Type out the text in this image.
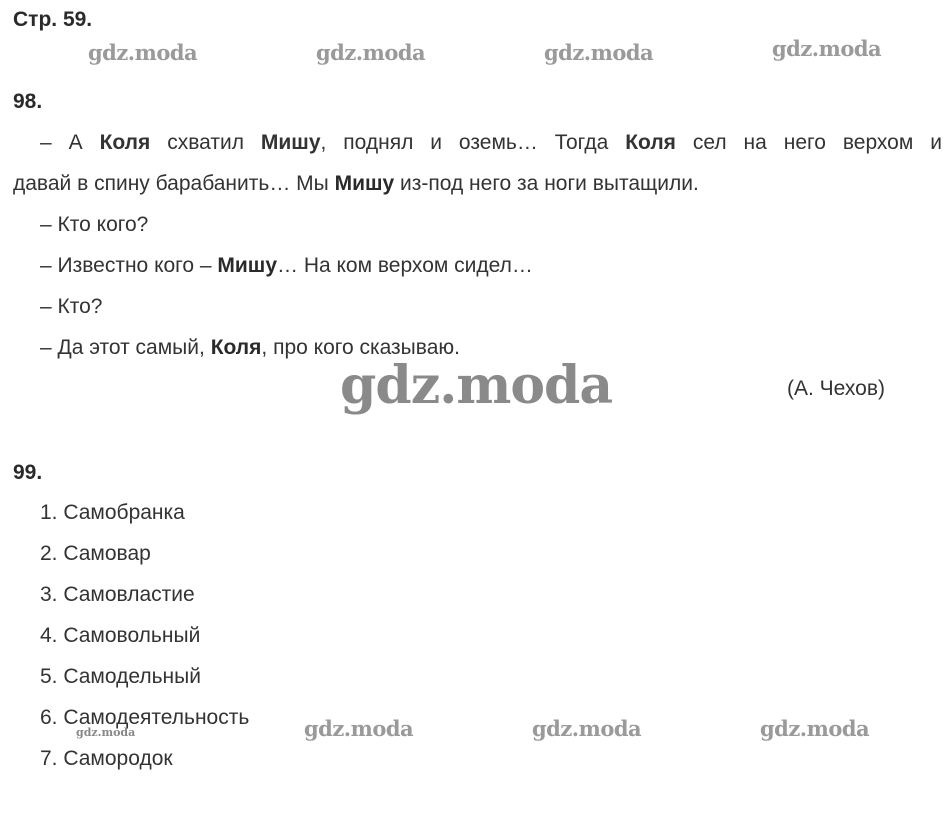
Стр. 59.
gdz.moda	gdz.moda	gdz.moda	gdz.moda
98.
– А Коля схватил Мишу, поднял и оземь… Тогда Коля сел на него верхом и
давай в спину барабанить… Мы Мишу из-под него за ноги вытащили.
– Кто кого?
– Известно кого – Мишу… На ком верхом сидел…
– Кто?
– Да этот самый, Коля, про кого сказываю.
gdz.moda	(А. Чехов)
99.
1. Самобранка
2. Самовар
3. Самовластие
4. Самовольный
5. Самодельный
6. Самодеятельность
7. Самородок
gdz.moda	gdz.moda	gdz.moda	gdz.moda
